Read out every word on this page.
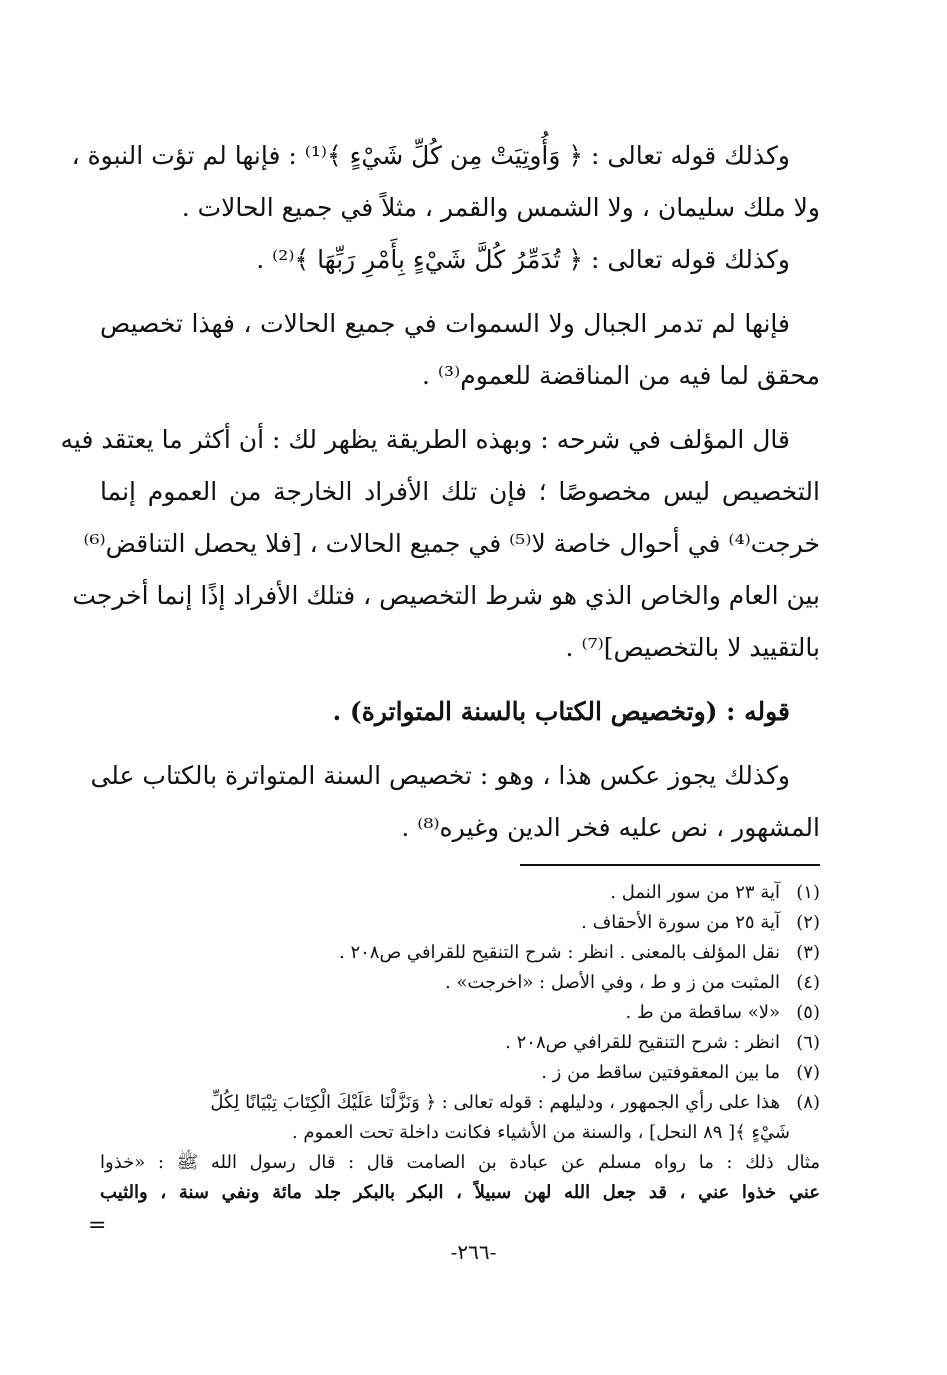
وكذلك قوله تعالى : ﴿ وَأُوتِيَتْ مِن كُلِّ شَيْءٍ ﴾⁽¹⁾ : فإنها لم تؤت النبوة ،

ولا ملك سليمان ، ولا الشمس والقمر ، مثلاً في جميع الحالات .

وكذلك قوله تعالى : ﴿ تُدَمِّرُ كُلَّ شَيْءٍ بِأَمْرِ رَبِّهَا ﴾⁽²⁾ .

فإنها لم تدمر الجبال ولا السموات في جميع الحالات ، فهذا تخصيص

محقق لما فيه من المناقضة للعموم⁽³⁾ .

قال المؤلف في شرحه : وبهذه الطريقة يظهر لك : أن أكثر ما يعتقد فيه

التخصيص ليس مخصوصًا ؛ فإن تلك الأفراد الخارجة من العموم إنما

خرجت⁽⁴⁾ في أحوال خاصة لا⁽⁵⁾ في جميع الحالات ، [فلا يحصل التناقض⁽⁶⁾

بين العام والخاص الذي هو شرط التخصيص ، فتلك الأفراد إذًا إنما أخرجت

بالتقييد لا بالتخصيص]⁽⁷⁾ .

قوله : (وتخصيص الكتاب بالسنة المتواترة) .

وكذلك يجوز عكس هذا ، وهو : تخصيص السنة المتواترة بالكتاب على

المشهور ، نص عليه فخر الدين وغيره⁽⁸⁾ .

(١)آية ٢٣ من سور النمل .

(٢)آية ٢٥ من سورة الأحقاف .

(٣)نقل المؤلف بالمعنى . انظر : شرح التنقيح للقرافي ص٢٠٨ .

(٤)المثبت من ز و ط ، وفي الأصل : «اخرجت» .

(٥)«لا» ساقطة من ط .

(٦)انظر : شرح التنقيح للقرافي ص٢٠٨ .

(٧)ما بين المعقوفتين ساقط من ز .

(٨)هذا على رأي الجمهور ، ودليلهم : قوله تعالى : ﴿ وَنَزَّلْنَا عَلَيْكَ الْكِتَابَ تِبْيَانًا لِكُلِّ

شَيْءٍ ﴾[ ٨٩ النحل] ، والسنة من الأشياء فكانت داخلة تحت العموم .

مثال ذلك : ما رواه مسلم عن عبادة بن الصامت قال : قال رسول الله ﷺ : «خذوا

عني خذوا عني ، قد جعل الله لهن سبيلاً ، البكر بالبكر جلد مائة ونفي سنة ، والثيب

=
-٢٦٦-
